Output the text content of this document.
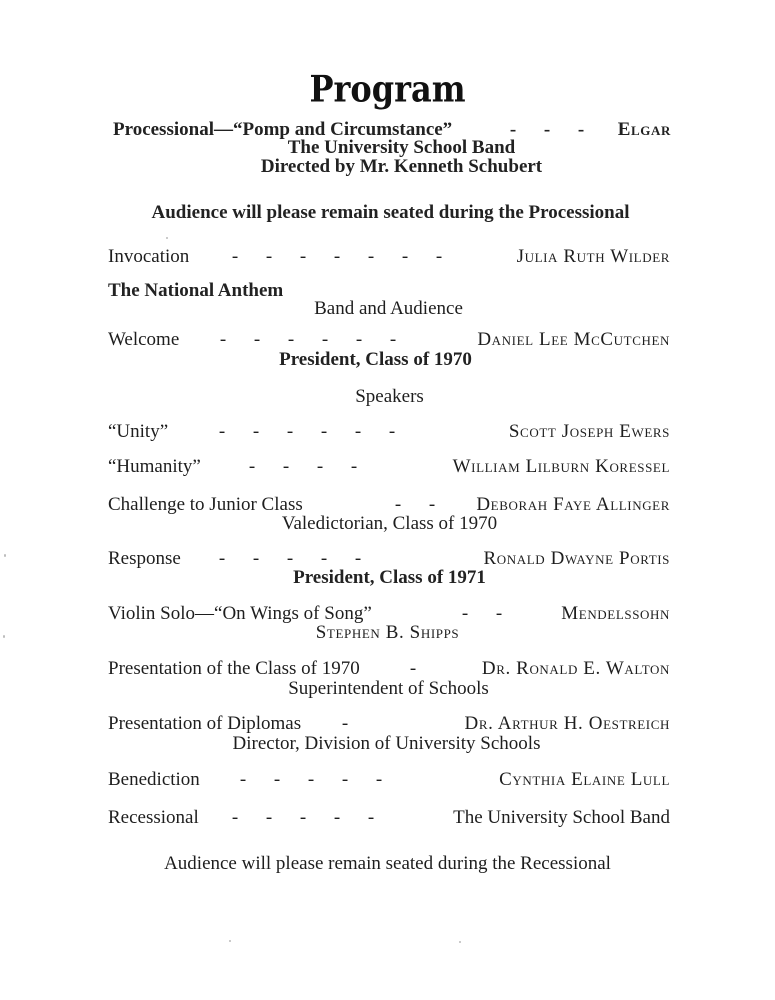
Program
Processional—“Pomp and Circumstance”	-	-	-	Elgar
The University School Band
Directed by Mr. Kenneth Schubert
Audience will please remain seated during the Processional
Invocation	-	-	-	-	-	-	-	Julia Ruth Wilder
The National Anthem
Band and Audience
Welcome	-	-	-	-	-	-	Daniel Lee McCutchen
President, Class of 1970
Speakers
“Unity”	-	-	-	-	-	-	Scott Joseph Ewers
“Humanity”	-	-	-	-	William Lilburn Koressel
Challenge to Junior Class	-	-	Deborah Faye Allinger
Valedictorian, Class of 1970
Response	-	-	-	-	-	Ronald Dwayne Portis
President, Class of 1971
Violin Solo—“On Wings of Song”	-	-	Mendelssohn
Stephen B. Shipps
Presentation of the Class of 1970	-	Dr. Ronald E. Walton
Superintendent of Schools
Presentation of Diplomas	-	Dr. Arthur H. Oestreich
Director, Division of University Schools
Benediction	-	-	-	-	-	Cynthia Elaine Lull
Recessional	-	-	-	-	-	The University School Band
Audience will please remain seated during the Recessional
